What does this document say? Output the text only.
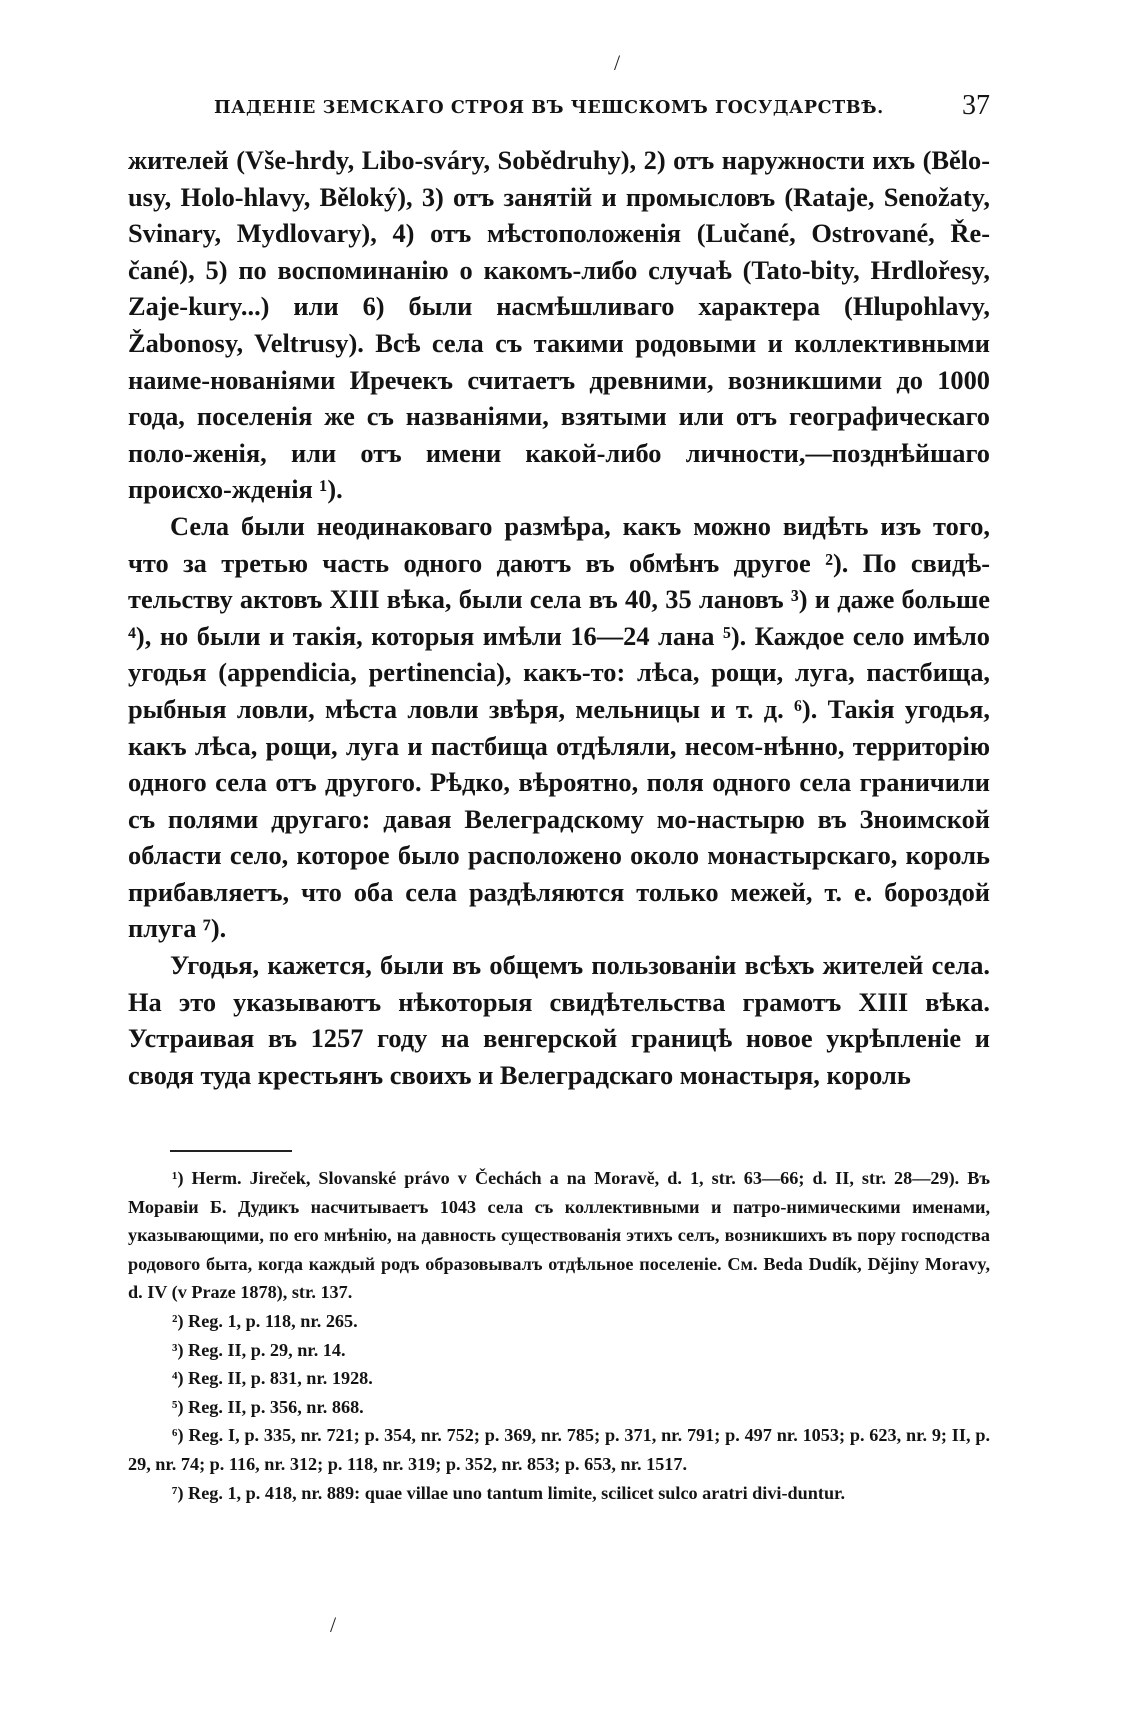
/
ПАДЕНІЕ ЗЕМСКАГО СТРОЯ ВЪ ЧЕШСКОМЪ ГОСУДАРСТВѢ.	37

жителей (Vše-hrdy, Libo-sváry, Sobědruhy), 2) отъ наружности ихъ (Bělo-usy, Holo-hlavy, Běloký), 3) отъ занятій и промысловъ (Rataje, Senožaty, Svinary, Mydlovary), 4) отъ мѣстоположенія (Lučané, Ostrované, Ře-čané), 5) по воспоминанію о какомъ-либо случаѣ (Tato-bity, Hrdlořesy, Zaje-kury...) или 6) были насмѣшливаго характера (Hlupohlavy, Žabonosy, Veltrusy). Всѣ села съ такими родовыми и коллективными наиме-нованіями Иречекъ считаетъ древними, возникшими до 1000 года, поселенія же съ названіями, взятыми или отъ географическаго поло-женія, или отъ имени какой-либо личности,—позднѣйшаго происхо-жденія ¹).

Села были неодинаковаго размѣра, какъ можно видѣть изъ того, что за третью часть одного даютъ въ обмѣнъ другое ²). По свидѣ-тельству актовъ XIII вѣка, были села въ 40, 35 лановъ ³) и даже больше ⁴), но были и такія, которыя имѣли 16—24 лана ⁵). Каждое село имѣло угодья (appendicia, pertinencia), какъ-то: лѣса, рощи, луга, пастбища, рыбныя ловли, мѣста ловли звѣря, мельницы и т. д. ⁶). Такія угодья, какъ лѣса, рощи, луга и пастбища отдѣляли, несом-нѣнно, территорію одного села отъ другого. Рѣдко, вѣроятно, поля одного села граничили съ полями другаго: давая Велеградскому мо-настырю въ Зноимской области село, которое было расположено около монастырскаго, король прибавляетъ, что оба села раздѣляются только межей, т. е. бороздой плуга ⁷).

Угодья, кажется, были въ общемъ пользованіи всѣхъ жителей села. На это указываютъ нѣкоторыя свидѣтельства грамотъ XIII вѣка. Устраивая въ 1257 году на венгерской границѣ новое укрѣпленіе и сводя туда крестьянъ своихъ и Велеградскаго монастыря, король

¹) Herm. Jireček, Slovanské právo v Čechách a na Moravě, d. 1, str. 63—66; d. II, str. 28—29). Въ Моравіи Б. Дудикъ насчитываетъ 1043 села съ коллективными и патро-нимическими именами, указывающими, по его мнѣнію, на давность существованія этихъ селъ, возникшихъ въ пору господства родового быта, когда каждый родъ образовывалъ отдѣльное поселеніе. См. Beda Dudík, Dějiny Moravy, d. IV (v Praze 1878), str. 137.

²) Reg. 1, p. 118, nr. 265.

³) Reg. II, p. 29, nr. 14.

⁴) Reg. II, p. 831, nr. 1928.

⁵) Reg. II, p. 356, nr. 868.

⁶) Reg. I, p. 335, nr. 721; p. 354, nr. 752; p. 369, nr. 785; p. 371, nr. 791; p. 497 nr. 1053; p. 623, nr. 9; II, p. 29, nr. 74; p. 116, nr. 312; p. 118, nr. 319; p. 352, nr. 853; p. 653, nr. 1517.

⁷) Reg. 1, p. 418, nr. 889: quae villae uno tantum limite, scilicet sulco aratri divi-duntur.

/
